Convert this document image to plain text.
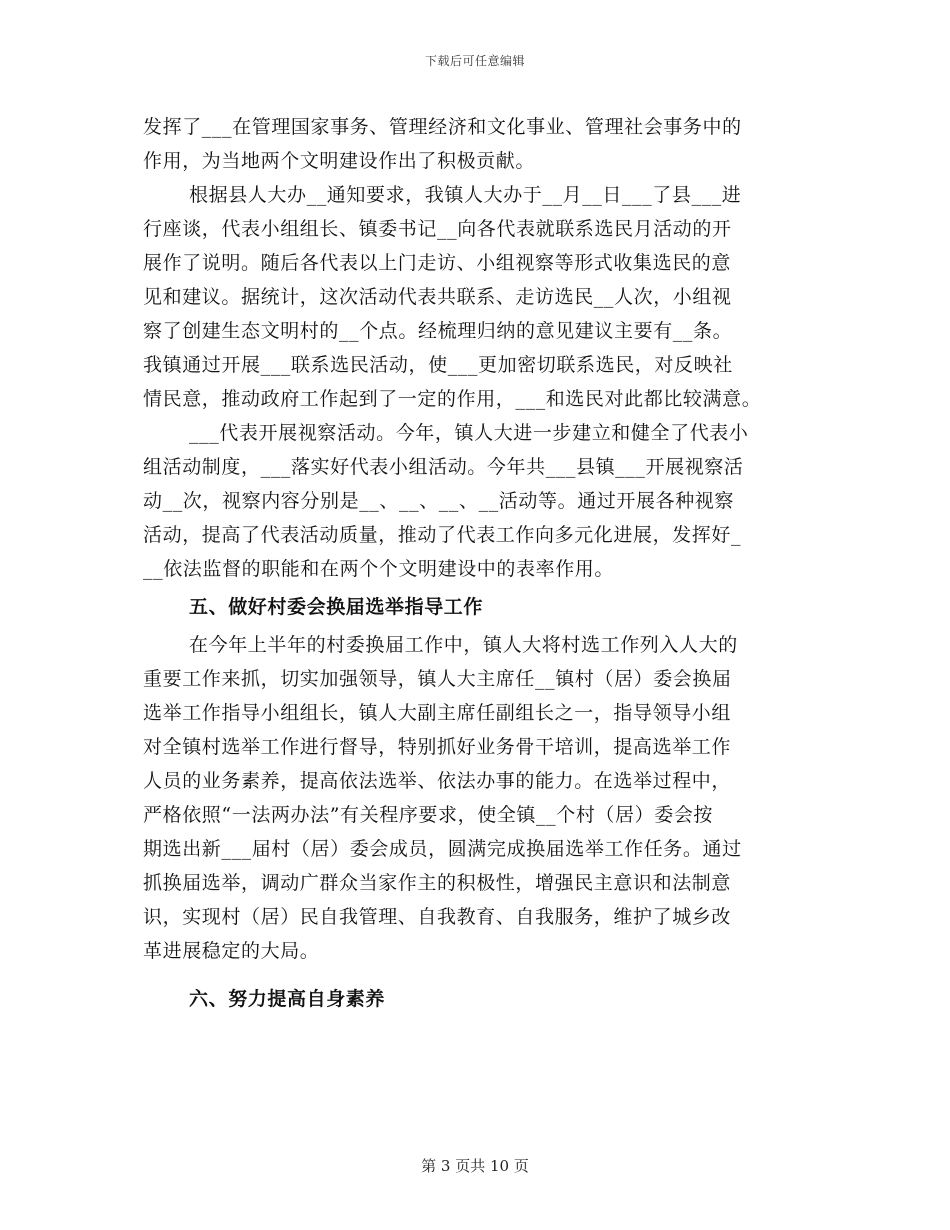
下载后可任意编辑
发挥了___在管理国家事务、管理经济和文化事业、管理社会事务中的
作用，为当地两个文明建设作出了积极贡献。
根据县人大办__通知要求，我镇人大办于__月__日___了县___进
行座谈，代表小组组长、镇委书记__向各代表就联系选民月活动的开
展作了说明。随后各代表以上门走访、小组视察等形式收集选民的意
见和建议。据统计，这次活动代表共联系、走访选民__人次，小组视
察了创建生态文明村的__个点。经梳理归纳的意见建议主要有__条。
我镇通过开展___联系选民活动，使___更加密切联系选民，对反映社
情民意，推动政府工作起到了一定的作用，___和选民对此都比较满意。
___代表开展视察活动。今年，镇人大进一步建立和健全了代表小
组活动制度，___落实好代表小组活动。今年共___县镇___开展视察活
动__次，视察内容分别是__、__、__、__活动等。通过开展各种视察
活动，提高了代表活动质量，推动了代表工作向多元化进展，发挥好_
__依法监督的职能和在两个个文明建设中的表率作用。
五、做好村委会换届选举指导工作
在今年上半年的村委换届工作中，镇人大将村选工作列入人大的
重要工作来抓，切实加强领导，镇人大主席任__镇村（居）委会换届
选举工作指导小组组长，镇人大副主席任副组长之一，指导领导小组
对全镇村选举工作进行督导，特别抓好业务骨干培训，提高选举工作
人员的业务素养，提高依法选举、依法办事的能力。在选举过程中，
严格依照“一法两办法”有关程序要求，使全镇__个村（居）委会按
期选出新___届村（居）委会成员，圆满完成换届选举工作任务。通过
抓换届选举，调动广群众当家作主的积极性，增强民主意识和法制意
识，实现村（居）民自我管理、自我教育、自我服务，维护了城乡改
革进展稳定的大局。
六、努力提高自身素养
第 3 页共 10 页
